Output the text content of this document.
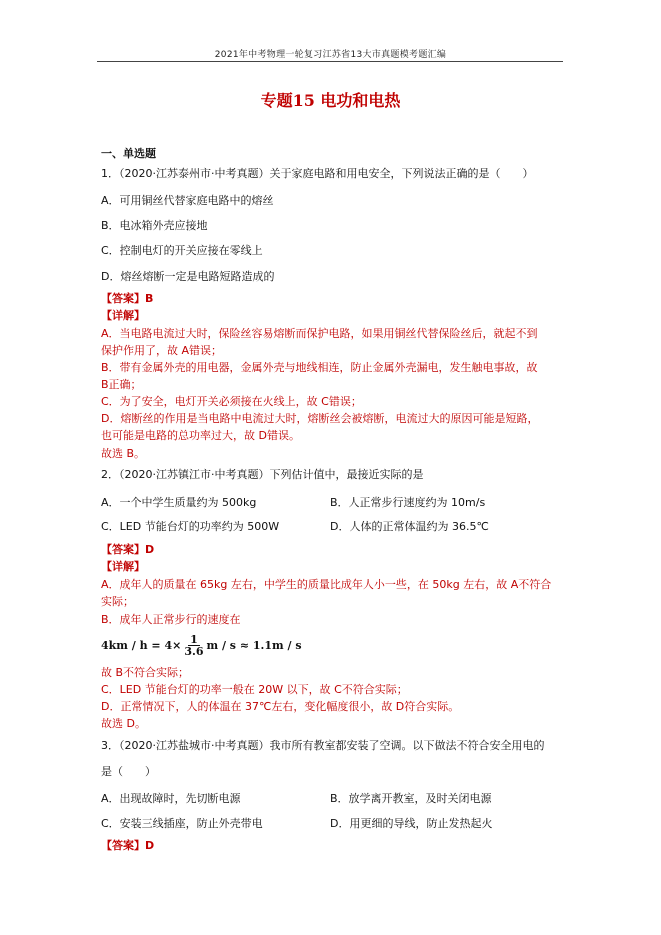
2021年中考物理一轮复习江苏省13大市真题模考题汇编
专题15 电功和电热
一、单选题
1．（2020·江苏泰州市·中考真题）关于家庭电路和用电安全，下列说法正确的是（　　）
A．可用铜丝代替家庭电路中的熔丝
B．电冰箱外壳应接地
C．控制电灯的开关应接在零线上
D．熔丝熔断一定是电路短路造成的
【答案】B
【详解】
A．当电路电流过大时，保险丝容易熔断而保护电路，如果用铜丝代替保险丝后，就起不到
保护作用了，故 A错误；
B．带有金属外壳的用电器，金属外壳与地线相连，防止金属外壳漏电，发生触电事故，故
B正确；
C．为了安全，电灯开关必须接在火线上，故 C错误；
D．熔断丝的作用是当电路中电流过大时，熔断丝会被熔断，电流过大的原因可能是短路，
也可能是电路的总功率过大，故 D错误。
故选 B。
2．（2020·江苏镇江市·中考真题）下列估计值中，最接近实际的是
A．一个中学生质量约为 500kg	B．人正常步行速度约为 10m/s
C．LED 节能台灯的功率约为 500W	D．人体的正常体温约为 36.5℃
【答案】D
【详解】
A．成年人的质量在 65kg 左右，中学生的质量比成年人小一些，在 50kg 左右，故 A不符合
实际；
B．成年人正常步行的速度在
$4km / h = 4\times \frac{1}{3.6}$ m / s ≈ 1.1m / s
故 B不符合实际；
C．LED 节能台灯的功率一般在 20W 以下，故 C不符合实际；
D．正常情况下，人的体温在 37℃左右，变化幅度很小，故 D符合实际。
故选 D。
3．（2020·江苏盐城市·中考真题）我市所有教室都安装了空调。以下做法不符合安全用电的
是（　　）
A．出现故障时，先切断电源	B．放学离开教室，及时关闭电源
C．安装三线插座，防止外壳带电	D．用更细的导线，防止发热起火
【答案】D
